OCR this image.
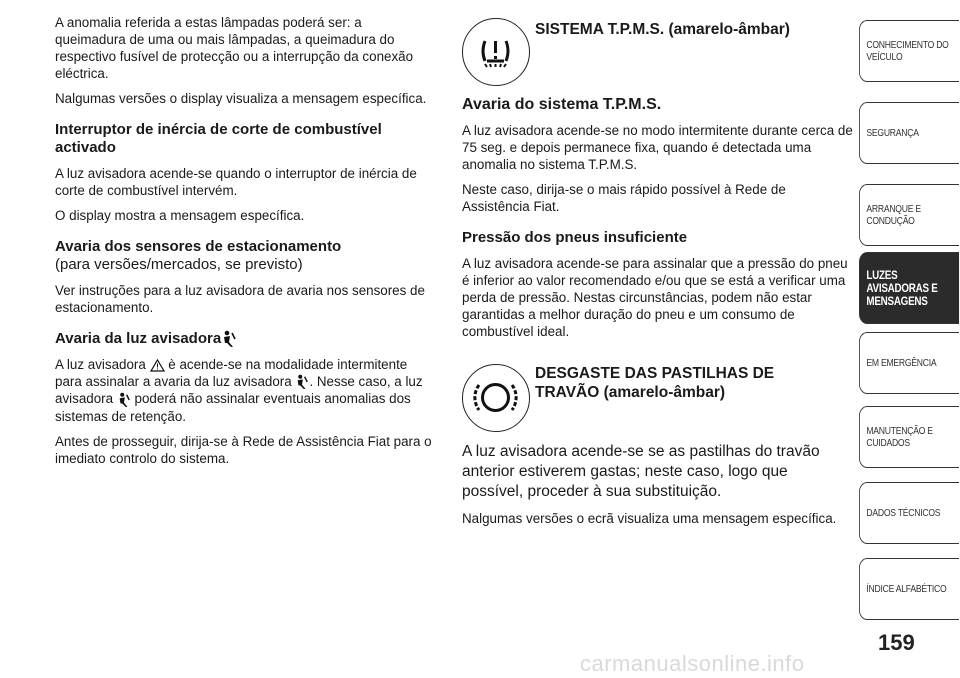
A anomalia referida a estas lâmpadas poderá ser: a queimadura de uma ou mais lâmpadas, a queimadura do respectivo fusível de protecção ou a interrupção da conexão eléctrica.

Nalgumas versões o display visualiza a mensagem específica.

Interruptor de inércia de corte de combustível activado

A luz avisadora acende-se quando o interruptor de inércia de corte de combustível intervém.

O display mostra a mensagem específica.

Avaria dos sensores de estacionamento
(para versões/mercados, se previsto)

Ver instruções para a luz avisadora de avaria nos sensores de estacionamento.

Avaria da luz avisadora

A luz avisadora è acende-se na modalidade intermitente para assinalar a avaria da luz avisadora . Nesse caso, a luz avisadora poderá não assinalar eventuais anomalias dos sistemas de retenção.

Antes de prosseguir, dirija-se à Rede de Assistência Fiat para o imediato controlo do sistema.

SISTEMA T.P.M.S. (amarelo-âmbar)
Avaria do sistema T.P.M.S.

A luz avisadora acende-se no modo intermitente durante cerca de 75 seg. e depois permanece fixa, quando é detectada uma anomalia no sistema T.P.M.S.

Neste caso, dirija-se o mais rápido possível à Rede de Assistência Fiat.

Pressão dos pneus insuficiente

A luz avisadora acende-se para assinalar que a pressão do pneu é inferior ao valor recomendado e/ou que se está a verificar uma perda de pressão. Nestas circunstâncias, podem não estar garantidas a melhor duração do pneu e um consumo de combustível ideal.

DESGASTE DAS PASTILHAS DE TRAVÃO (amarelo-âmbar)

A luz avisadora acende-se se as pastilhas do travão anterior estiverem gastas; neste caso, logo que possível, proceder à sua substituição.

Nalgumas versões o ecrã visualiza uma mensagem específica.

CONHECIMENTO DO VEÍCULO
SEGURANÇA
ARRANQUE E CONDUÇÃO
LUZES AVISADORAS E MENSAGENS
EM EMERGÊNCIA
MANUTENÇÃO E CUIDADOS
DADOS TÉCNICOS
ÍNDICE ALFABÉTICO
159
carmanualsonline.info
